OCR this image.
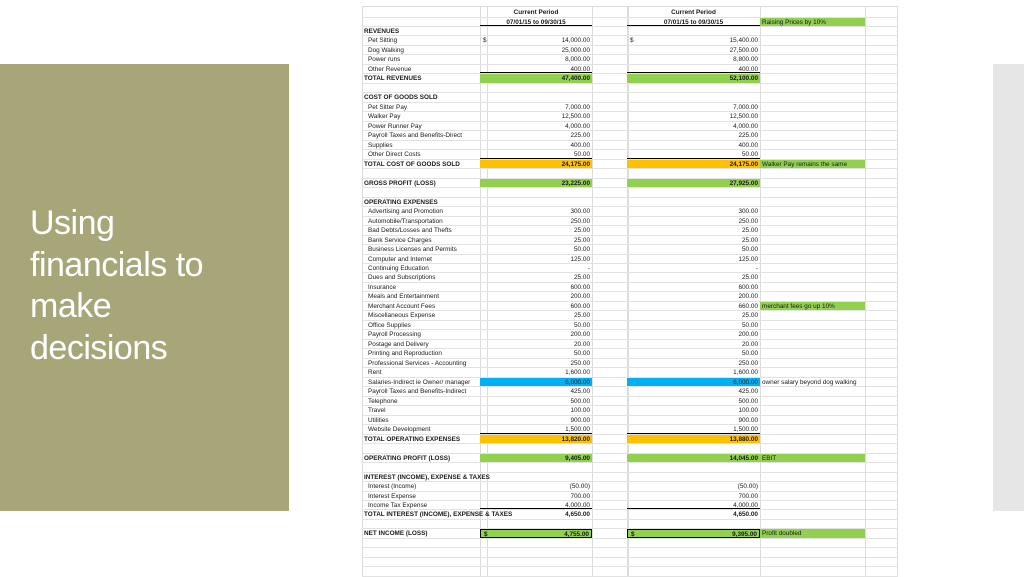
Using
financials to
make
decisions
Current Period	Current Period
07/01/15 to 09/30/15	07/01/15 to 09/30/15	Raising Prices by 10%
REVENUES
Pet Sitting	$	14,000.00	$	15,400.00
Dog Walking	25,000.00	27,500.00
Power runs	8,000.00	8,800.00
Other Revenue	400.00	400.00
TOTAL REVENUES	47,400.00	52,100.00
COST OF GOODS SOLD
Pet Sitter Pay	7,000.00	7,000.00
Walker Pay	12,500.00	12,500.00
Power Runner Pay	4,000.00	4,000.00
Payroll Taxes and Benefits-Direct	225.00	225.00
Supplies	400.00	400.00
Other Direct Costs	50.00	50.00
TOTAL COST OF GOODS SOLD	24,175.00	24,175.00 Walker Pay remains the same
GROSS PROFIT (LOSS)	23,225.00	27,925.00
OPERATING EXPENSES
Advertising and Promotion	300.00	300.00
Automobile/Transportation	250.00	250.00
Bad Debts/Losses and Thefts	25.00	25.00
Bank Service Charges	25.00	25.00
Business Licenses and Permits	50.00	50.00
Computer and Internet	125.00	125.00
Continuing Education	-	-
Dues and Subscriptions	25.00	25.00
Insurance	600.00	600.00
Meals and Entertainment	200.00	200.00
Merchant Account Fees	600.00	660.00 merchant fees go up 10%
Miscellaneous Expense	25.00	25.00
Office Supplies	50.00	50.00
Payroll Processing	200.00	200.00
Postage and Delivery	20.00	20.00
Printing and Reproduction	50.00	50.00
Professional Services - Accounting	250.00	250.00
Rent	1,600.00	1,600.00
Salaries-Indirect ie Owner/ manager	6,000.00	6,000.00 owner salary beyond dog walking
Payroll Taxes and Benefits-Indirect	425.00	425.00
Telephone	500.00	500.00
Travel	100.00	100.00
Utilities	900.00	900.00
Website Development	1,500.00	1,500.00
TOTAL OPERATING EXPENSES	13,820.00	13,880.00
OPERATING PROFIT (LOSS)	9,405.00	14,045.00 EBIT
INTEREST (INCOME), EXPENSE & TAXES
Interest (Income)	(50.00)	(50.00)
Interest Expense	700.00	700.00
Income Tax Expense	4,000.00	4,000.00
TOTAL INTEREST (INCOME), EXPENSE & TAXES	4,650.00	4,650.00
NET INCOME (LOSS)	$	4,755.00	$	9,395.00 Profit doubled
